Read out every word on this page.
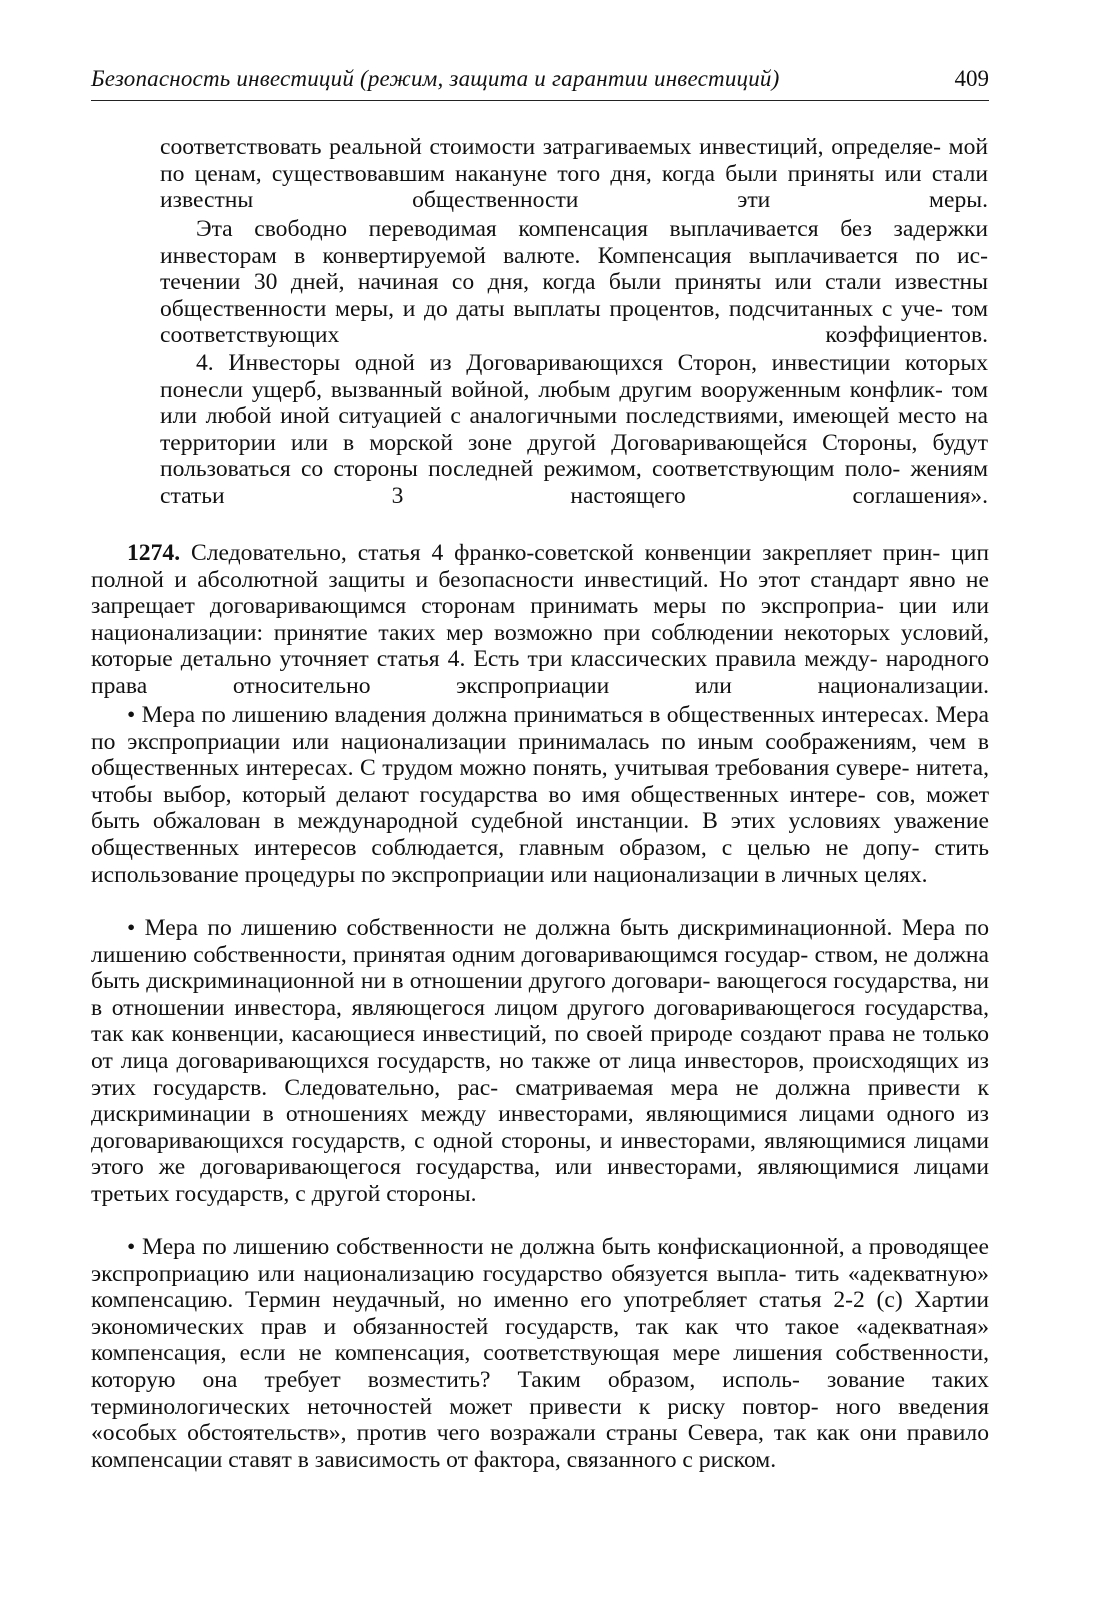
Безопасность инвестиций (режим, защита и гарантии инвестиций)	409
соответствовать реальной стоимости затрагиваемых инвестиций, определяе- мой по ценам, существовавшим накануне того дня, когда были приняты или стали известны общественности эти меры.
Эта свободно переводимая компенсация выплачивается без задержки инвесторам в конвертируемой валюте. Компенсация выплачивается по ис- течении 30 дней, начиная со дня, когда были приняты или стали известны общественности меры, и до даты выплаты процентов, подсчитанных с уче- том соответствующих коэффициентов.
4. Инвесторы одной из Договаривающихся Сторон, инвестиции которых понесли ущерб, вызванный войной, любым другим вооруженным конфлик- том или любой иной ситуацией с аналогичными последствиями, имеющей место на территории или в морской зоне другой Договаривающейся Стороны, будут пользоваться со стороны последней режимом, соответствующим поло- жениям статьи 3 настоящего соглашения».
1274. Следовательно, статья 4 франко-советской конвенции закрепляет прин- цип полной и абсолютной защиты и безопасности инвестиций. Но этот стандарт явно не запрещает договаривающимся сторонам принимать меры по экспроприа- ции или национализации: принятие таких мер возможно при соблюдении некоторых условий, которые детально уточняет статья 4. Есть три классических правила между- народного права относительно экспроприации или национализации.
• Мера по лишению владения должна приниматься в общественных интересах. Мера по экспроприации или национализации принималась по иным соображениям, чем в общественных интересах. С трудом можно понять, учитывая требования сувере- нитета, чтобы выбор, который делают государства во имя общественных интере- сов, может быть обжалован в международной судебной инстанции. В этих условиях уважение общественных интересов соблюдается, главным образом, с целью не допу- стить использование процедуры по экспроприации или национализации в личных целях.
• Мера по лишению собственности не должна быть дискриминационной. Мера по лишению собственности, принятая одним договаривающимся государ- ством, не должна быть дискриминационной ни в отношении другого договари- вающегося государства, ни в отношении инвестора, являющегося лицом другого договаривающегося государства, так как конвенции, касающиеся инвестиций, по своей природе создают права не только от лица договаривающихся государств, но также от лица инвесторов, происходящих из этих государств. Следовательно, рас- сматриваемая мера не должна привести к дискриминации в отношениях между инвесторами, являющимися лицами одного из договаривающихся государств, с одной стороны, и инвесторами, являющимися лицами этого же договаривающегося государства, или инвесторами, являющимися лицами третьих государств, с другой стороны.
• Мера по лишению собственности не должна быть конфискационной, а проводящее экспроприацию или национализацию государство обязуется выпла- тить «адекватную» компенсацию. Термин неудачный, но именно его употребляет статья 2-2 (с) Хартии экономических прав и обязанностей государств, так как что такое «адекватная» компенсация, если не компенсация, соответствующая мере лишения собственности, которую она требует возместить? Таким образом, исполь- зование таких терминологических неточностей может привести к риску повтор- ного введения «особых обстоятельств», против чего возражали страны Севера, так как они правило компенсации ставят в зависимость от фактора, связанного с риском.
